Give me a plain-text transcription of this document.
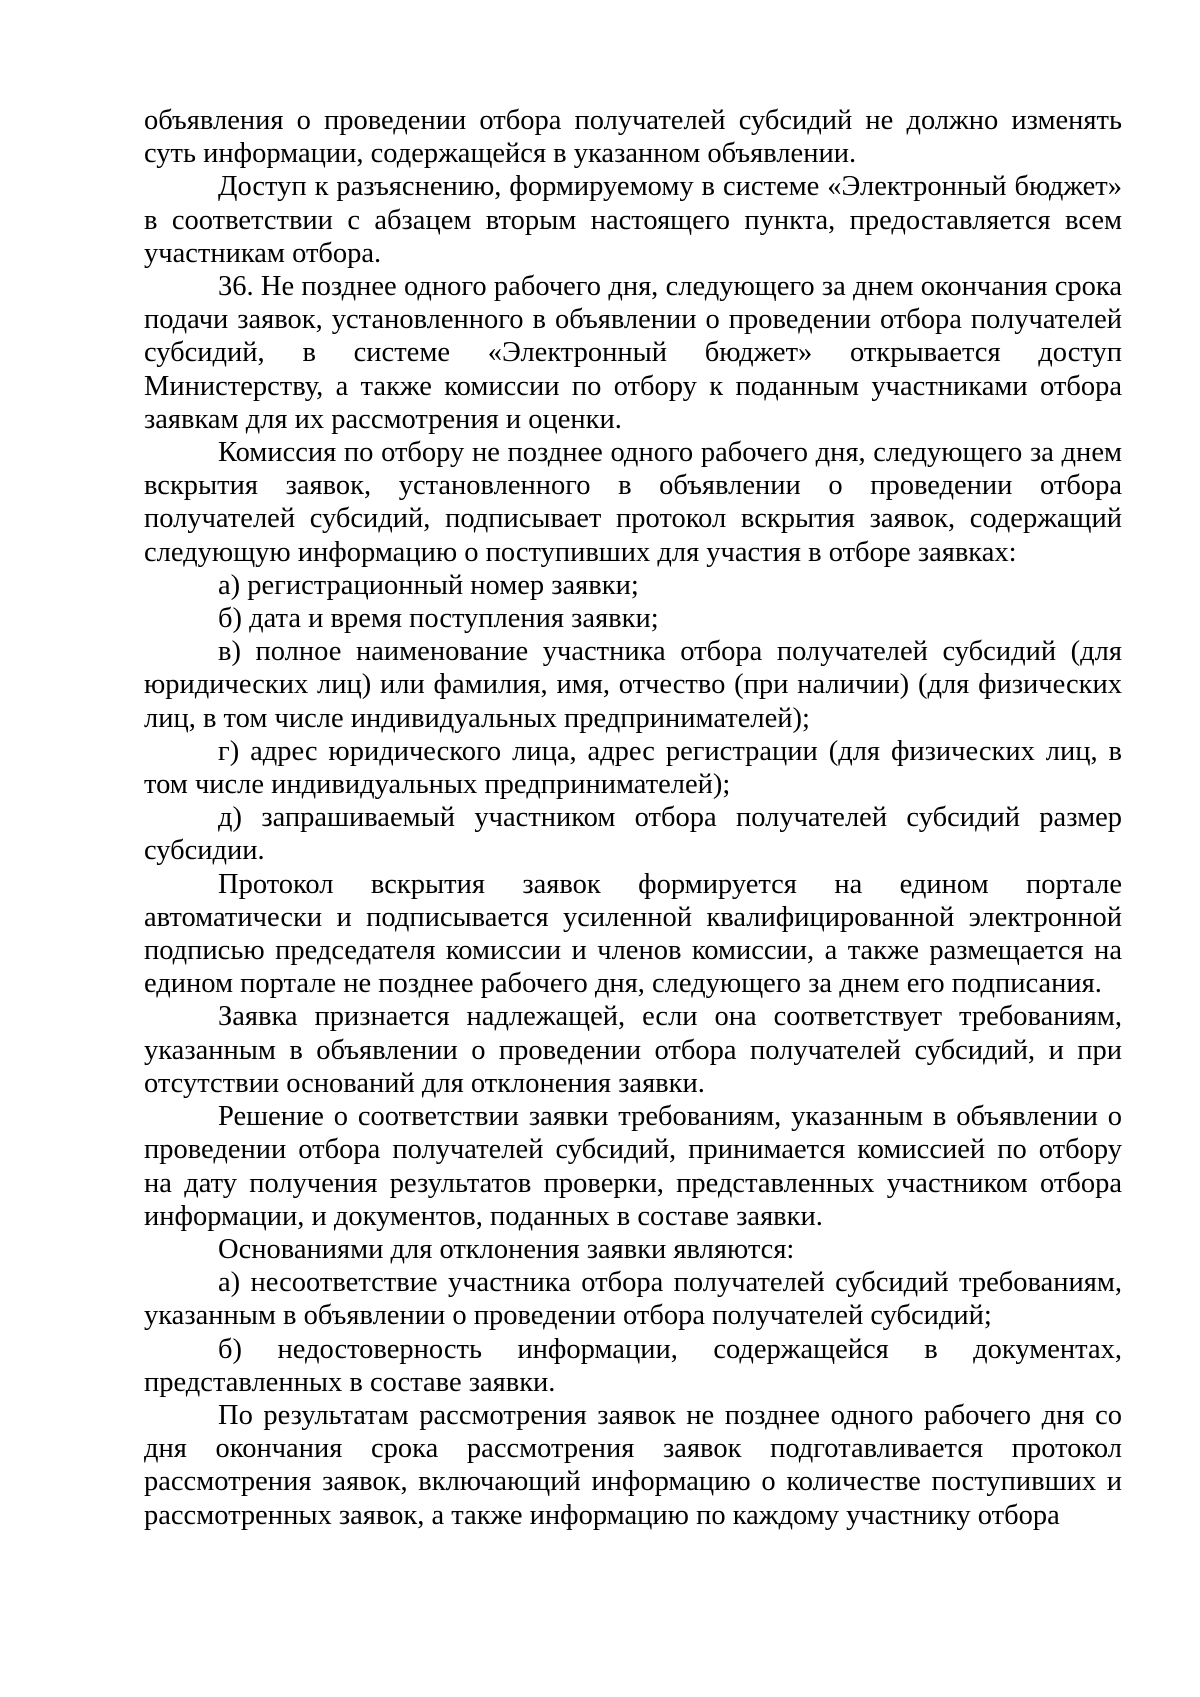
объявления о проведении отбора получателей субсидий не должно изменять суть информации, содержащейся в указанном объявлении.

Доступ к разъяснению, формируемому в системе «Электронный бюджет» в соответствии с абзацем вторым настоящего пункта, предоставляется всем участникам отбора.

36. Не позднее одного рабочего дня, следующего за днем окончания срока подачи заявок, установленного в объявлении о проведении отбора получателей субсидий, в системе «Электронный бюджет» открывается доступ Министерству, а также комиссии по отбору к поданным участниками отбора заявкам для их рассмотрения и оценки.

Комиссия по отбору не позднее одного рабочего дня, следующего за днем вскрытия заявок, установленного в объявлении о проведении отбора получателей субсидий, подписывает протокол вскрытия заявок, содержащий следующую информацию о поступивших для участия в отборе заявках:

а) регистрационный номер заявки;

б) дата и время поступления заявки;

в) полное наименование участника отбора получателей субсидий (для юридических лиц) или фамилия, имя, отчество (при наличии) (для физических лиц, в том числе индивидуальных предпринимателей);

г) адрес юридического лица, адрес регистрации (для физических лиц, в том числе индивидуальных предпринимателей);

д) запрашиваемый участником отбора получателей субсидий размер субсидии.

Протокол вскрытия заявок формируется на едином портале автоматически и подписывается усиленной квалифицированной электронной подписью председателя комиссии и членов комиссии, а также размещается на едином портале не позднее рабочего дня, следующего за днем его подписания.

Заявка признается надлежащей, если она соответствует требованиям, указанным в объявлении о проведении отбора получателей субсидий, и при отсутствии оснований для отклонения заявки.

Решение о соответствии заявки требованиям, указанным в объявлении о проведении отбора получателей субсидий, принимается комиссией по отбору на дату получения результатов проверки, представленных участником отбора информации, и документов, поданных в составе заявки.

Основаниями для отклонения заявки являются:

а) несоответствие участника отбора получателей субсидий требованиям, указанным в объявлении о проведении отбора получателей субсидий;

б) недостоверность информации, содержащейся в документах, представленных в составе заявки.

По результатам рассмотрения заявок не позднее одного рабочего дня со дня окончания срока рассмотрения заявок подготавливается протокол рассмотрения заявок, включающий информацию о количестве поступивших и рассмотренных заявок, а также информацию по каждому участнику отбора
